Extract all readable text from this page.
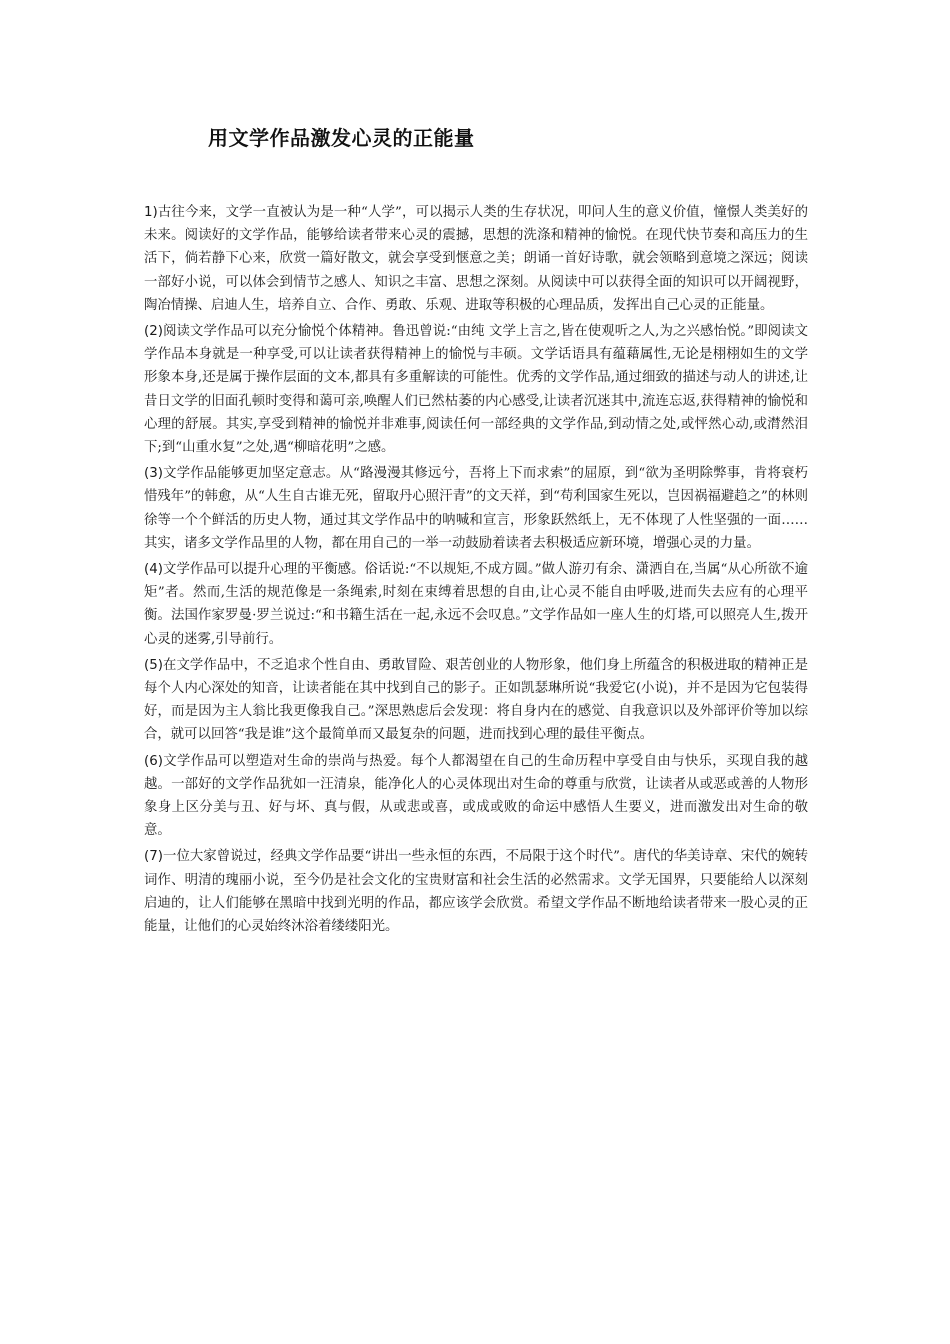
用文学作品激发心灵的正能量

1)古往今来，文学一直被认为是一种“人学”，可以揭示人类的生存状况，叩问人生的意义价值，憧憬人类美好的未来。阅读好的文学作品，能够给读者带来心灵的震撼，思想的洗涤和精神的愉悦。在现代快节奏和高压力的生活下，倘若静下心来，欣赏一篇好散文，就会享受到惬意之美；朗诵一首好诗歌，就会领略到意境之深远；阅读一部好小说，可以体会到情节之感人、知识之丰富、思想之深刻。从阅读中可以获得全面的知识可以开阔视野，陶冶情操、启迪人生，培养自立、合作、勇敢、乐观、进取等积极的心理品质，发挥出自己心灵的正能量。

(2)阅读文学作品可以充分愉悦个体精神。鲁迅曾说:“由纯 文学上言之,皆在使观听之人,为之兴感怡悦。”即阅读文学作品本身就是一种享受,可以让读者获得精神上的愉悦与丰硕。文学话语具有蕴藉属性,无论是栩栩如生的文学形象本身,还是属于操作层面的文本,都具有多重解读的可能性。优秀的文学作品,通过细致的描述与动人的讲述,让昔日文学的旧面孔顿时变得和蔼可亲,唤醒人们已然枯萎的内心感受,让读者沉迷其中,流连忘返,获得精神的愉悦和心理的舒展。其实,享受到精神的愉悦并非难事,阅读任何一部经典的文学作品,到动情之处,或怦然心动,或潸然泪下;到“山重水复”之处,遇“柳暗花明”之感。

(3)文学作品能够更加坚定意志。从“路漫漫其修远兮，吾将上下而求索”的屈原，到“欲为圣明除弊事，肯将衰朽惜残年”的韩愈，从“人生自古谁无死，留取丹心照汗青”的文天祥，到“苟利国家生死以，岂因祸福避趋之”的林则徐等一个个鲜活的历史人物，通过其文学作品中的呐喊和宣言，形象跃然纸上，无不体现了人性坚强的一面……其实，诸多文学作品里的人物，都在用自己的一举一动鼓励着读者去积极适应新环境，增强心灵的力量。

(4)文学作品可以提升心理的平衡感。俗话说:“不以规矩,不成方圆。”做人游刃有余、潇洒自在,当属“从心所欲不逾矩”者。然而,生活的规范像是一条绳索,时刻在束缚着思想的自由,让心灵不能自由呼吸,进而失去应有的心理平衡。法国作家罗曼·罗兰说过:“和书籍生活在一起,永远不会叹息。”文学作品如一座人生的灯塔,可以照亮人生,拨开心灵的迷雾,引导前行。

(5)在文学作品中，不乏追求个性自由、勇敢冒险、艰苦创业的人物形象，他们身上所蕴含的积极进取的精神正是每个人内心深处的知音，让读者能在其中找到自己的影子。正如凯瑟琳所说“我爱它(小说)，并不是因为它包装得好，而是因为主人翁比我更像我自己。”深思熟虑后会发现：将自身内在的感觉、自我意识以及外部评价等加以综合，就可以回答“我是谁”这个最简单而又最复杂的问题，进而找到心理的最佳平衡点。

(6)文学作品可以塑造对生命的崇尚与热爱。每个人都渴望在自己的生命历程中享受自由与快乐，买现自我的越越。一部好的文学作品犹如一汪清泉，能净化人的心灵体现出对生命的尊重与欣赏，让读者从或恶或善的人物形象身上区分美与丑、好与坏、真与假，从或悲或喜，或成或败的命运中感悟人生要义，进而激发出对生命的敬意。

(7)一位大家曾说过，经典文学作品要“讲出一些永恒的东西，不局限于这个时代”。唐代的华美诗章、宋代的婉转词作、明清的瑰丽小说，至今仍是社会文化的宝贵财富和社会生活的必然需求。文学无国界，只要能给人以深刻启迪的，让人们能够在黑暗中找到光明的作品，都应该学会欣赏。希望文学作品不断地给读者带来一股心灵的正能量，让他们的心灵始终沐浴着缕缕阳光。
